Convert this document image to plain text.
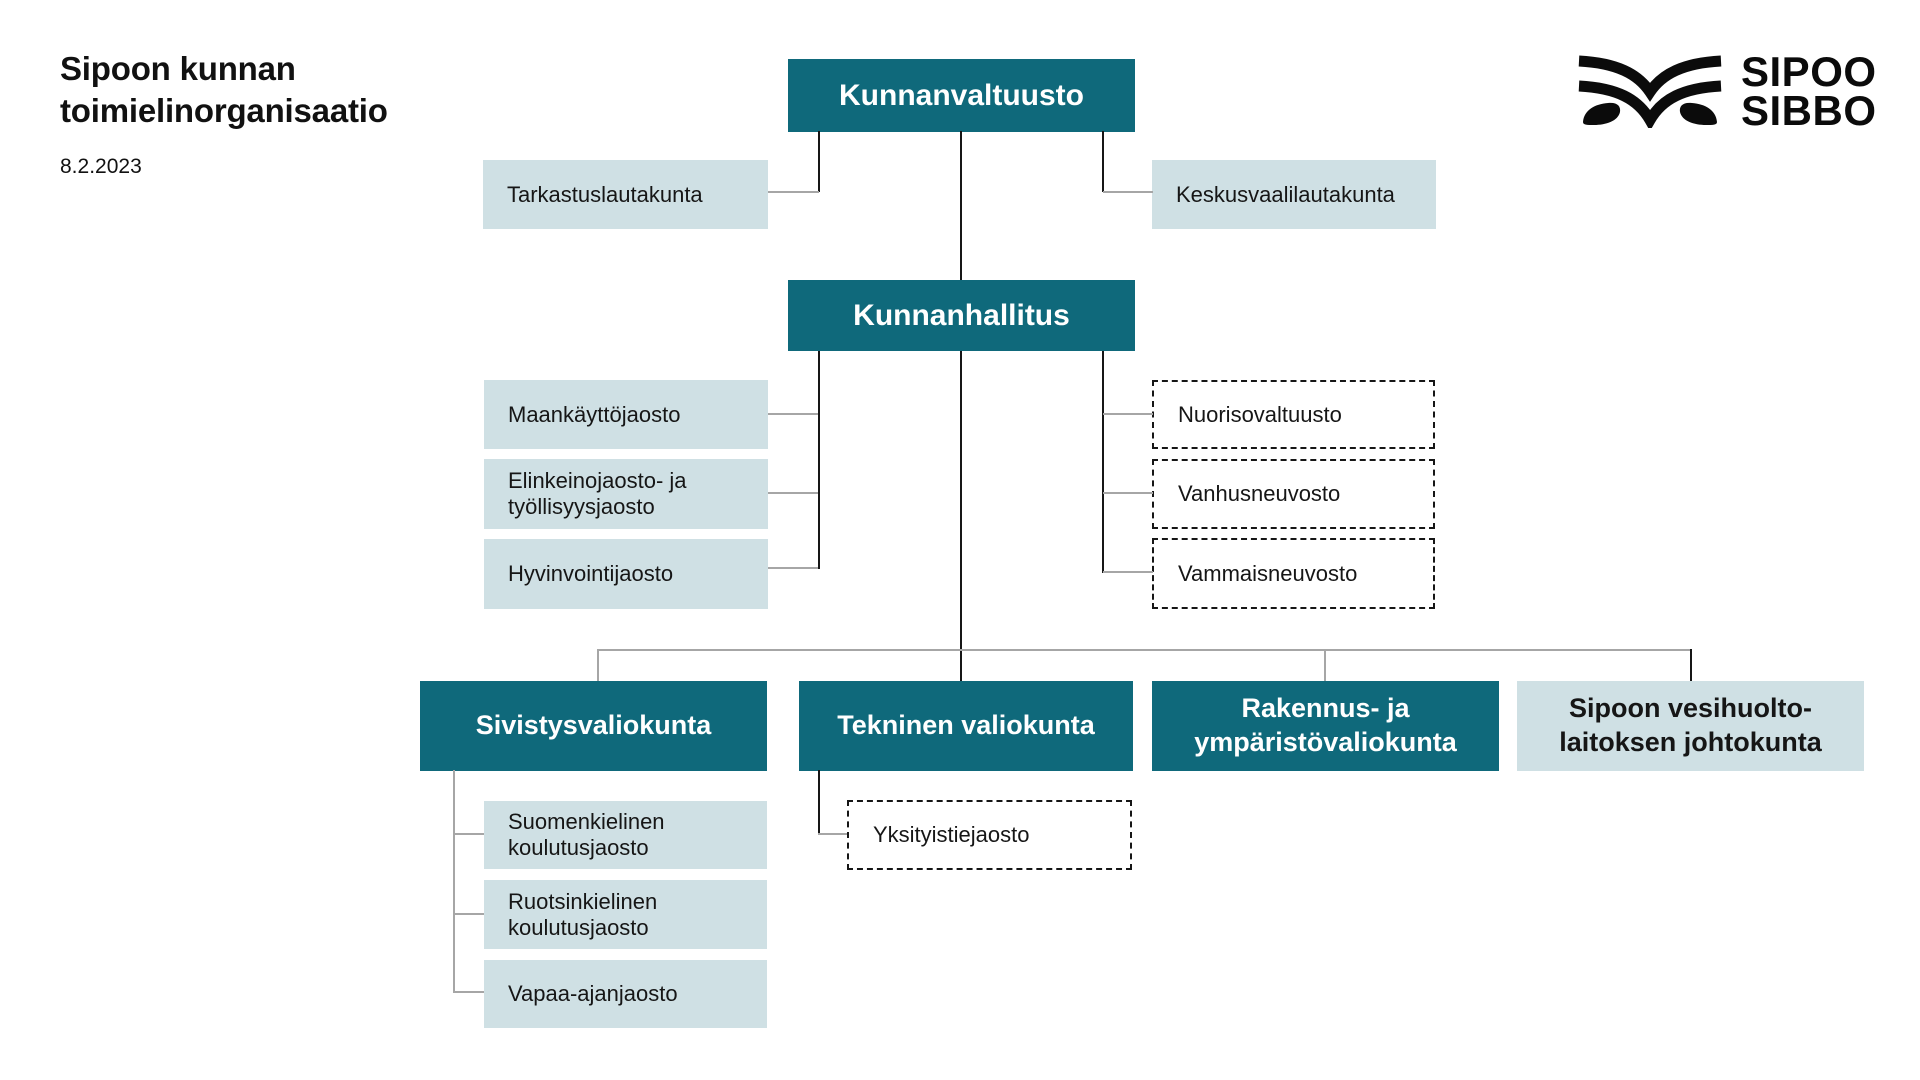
Sipoon kunnan toimielinorganisaatio
8.2.2023
SIPOO
SIBBO
Kunnanvaltuusto
Tarkastuslautakunta	Keskusvaalilautakunta
Kunnanhallitus
Maankäyttöjaosto
Elinkeinojaosto- ja työllisyysjaosto
Hyvinvointijaosto
Nuorisovaltuusto
Vanhusneuvosto
Vammaisneuvosto
Sivistysvaliokunta	Tekninen valiokunta
Rakennus- ja ympäristövaliokunta
Sipoon vesihuolto-laitoksen johtokunta
Suomenkielinen koulutusjaosto
Ruotsinkielinen koulutusjaosto
Vapaa-ajanjaosto
Yksityistiejaosto
